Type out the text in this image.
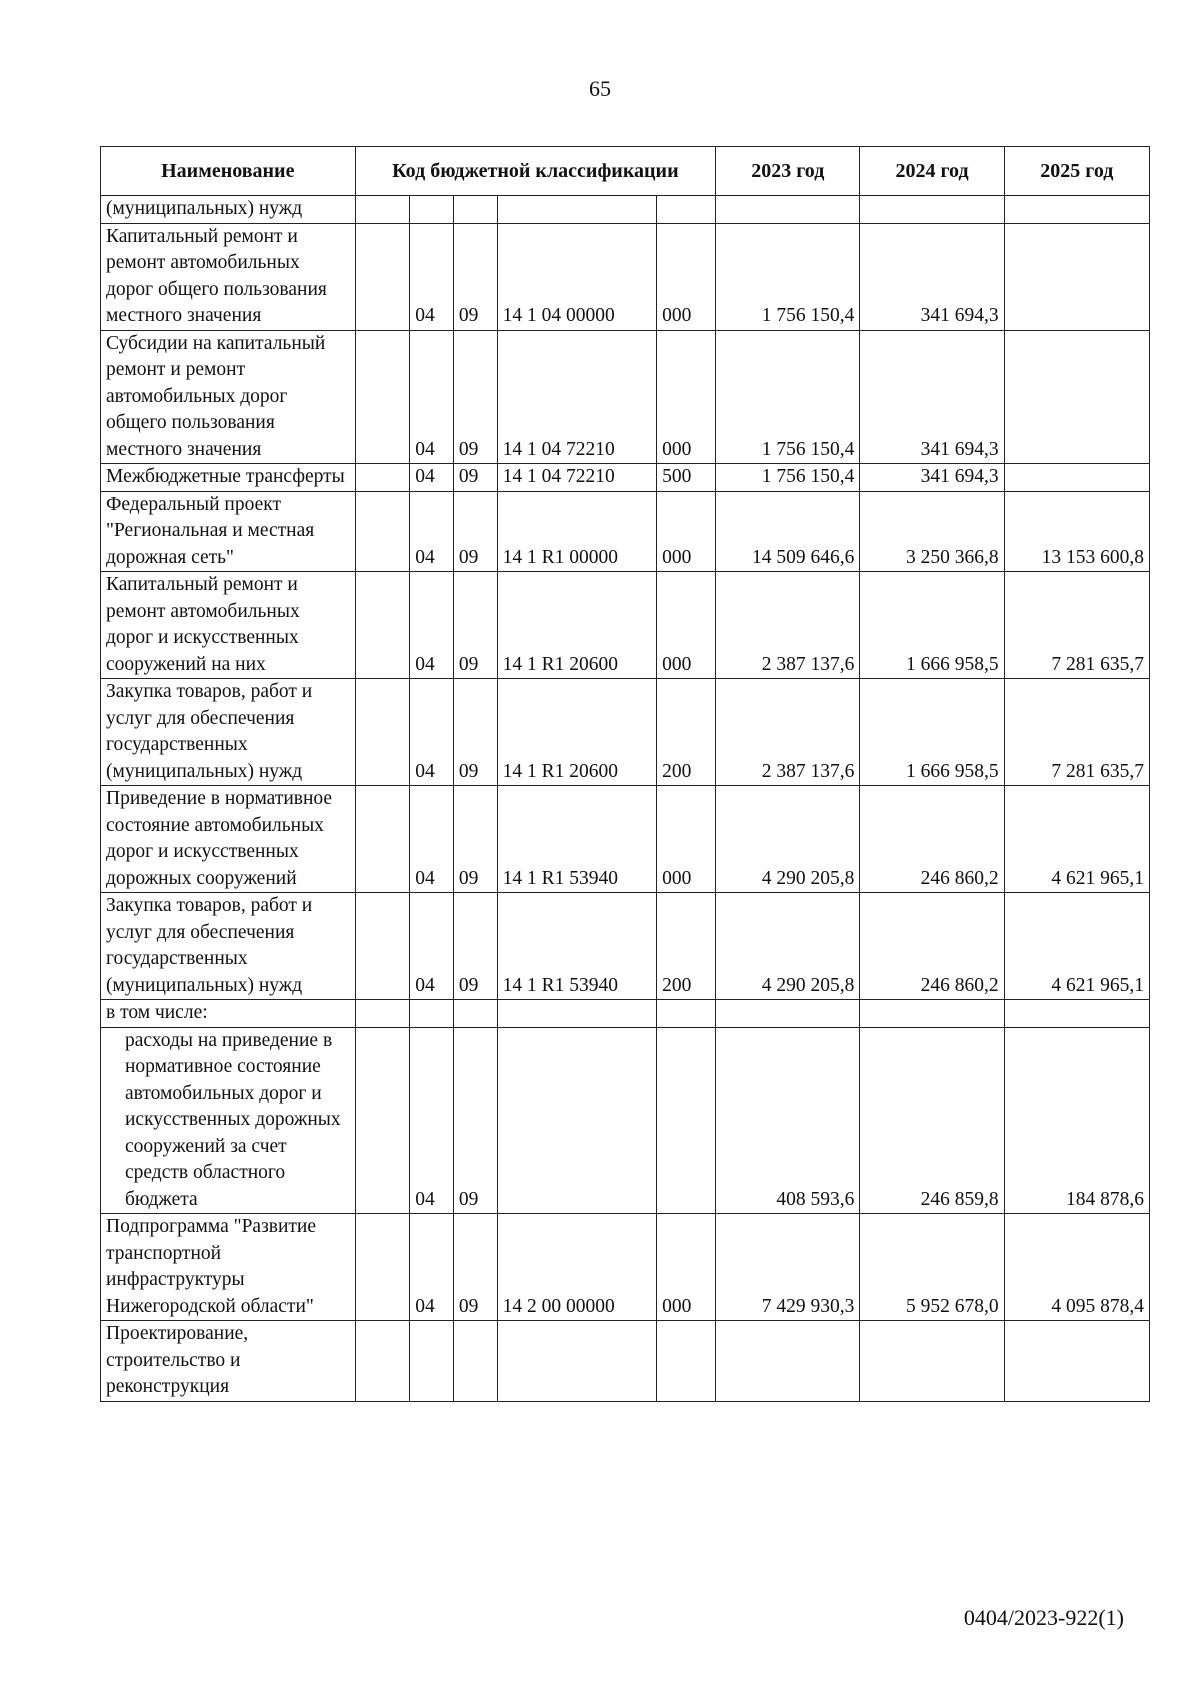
65
Наименование	Код бюджетной классификации					2023 год	2024 год	2025 год
(муниципальных) нужд								
Капитальный ремонт и ремонт автомобильных дорог общего пользования местного значения		04	09	14 1 04 00000	000	1 756 150,4	341 694,3	
Субсидии на капитальный ремонт и ремонт автомобильных дорог общего пользования местного значения		04	09	14 1 04 72210	000	1 756 150,4	341 694,3	
Межбюджетные трансферты		04	09	14 1 04 72210	500	1 756 150,4	341 694,3	
Федеральный проект "Региональная и местная дорожная сеть"		04	09	14 1 R1 00000	000	14 509 646,6	3 250 366,8	13 153 600,8
Капитальный ремонт и ремонт автомобильных дорог и искусственных сооружений на них		04	09	14 1 R1 20600	000	2 387 137,6	1 666 958,5	7 281 635,7
Закупка товаров, работ и услуг для обеспечения государственных (муниципальных) нужд		04	09	14 1 R1 20600	200	2 387 137,6	1 666 958,5	7 281 635,7
Приведение в нормативное состояние автомобильных дорог и искусственных дорожных сооружений		04	09	14 1 R1 53940	000	4 290 205,8	246 860,2	4 621 965,1
Закупка товаров, работ и услуг для обеспечения государственных (муниципальных) нужд		04	09	14 1 R1 53940	200	4 290 205,8	246 860,2	4 621 965,1
в том числе:								
расходы на приведение в нормативное состояние автомобильных дорог и искусственных дорожных сооружений за счет средств областного бюджета		04	09			408 593,6	246 859,8	184 878,6
Подпрограмма "Развитие транспортной инфраструктуры Нижегородской области"		04	09	14 2 00 00000	000	7 429 930,3	5 952 678,0	4 095 878,4
Проектирование, строительство и реконструкция								
0404/2023-922(1)
